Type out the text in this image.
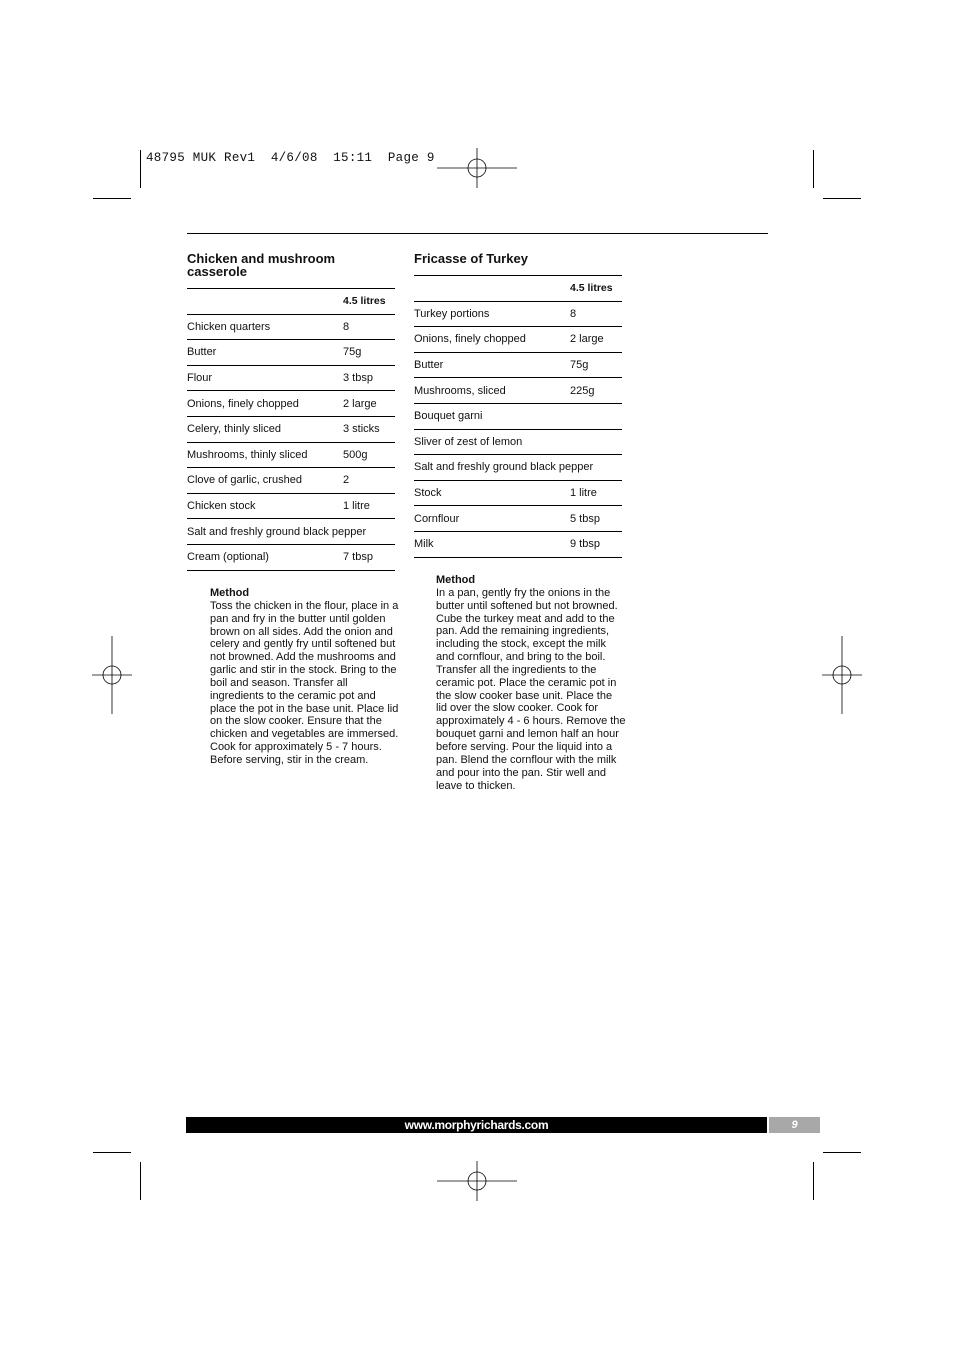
48795 MUK Rev1  4/6/08  15:11  Page 9
Chicken and mushroom casserole
	4.5 litres
Chicken quarters	8
Butter	75g
Flour	3 tbsp
Onions, finely chopped	2 large
Celery, thinly sliced	3 sticks
Mushrooms, thinly sliced	500g
Clove of garlic, crushed	2
Chicken stock	1 litre
Salt and freshly ground black pepper	
Cream (optional)	7 tbsp
Method
Toss the chicken in the flour, place in a pan and fry in the butter until golden brown on all sides. Add the onion and celery and gently fry until softened but not browned. Add the mushrooms and garlic and stir in the stock. Bring to the boil and season. Transfer all ingredients to the ceramic pot and place the pot in the base unit. Place lid on the slow cooker. Ensure that the chicken and vegetables are immersed. Cook for approximately 5 - 7 hours. Before serving, stir in the cream.
Fricasse of Turkey
	4.5 litres
Turkey portions	8
Onions, finely chopped	2 large
Butter	75g
Mushrooms, sliced	225g
Bouquet garni	
Sliver of zest of lemon	
Salt and freshly ground black pepper	
Stock	1 litre
Cornflour	5 tbsp
Milk	9 tbsp
Method
In a pan, gently fry the onions in the butter until softened but not browned. Cube the turkey meat and add to the pan. Add the remaining ingredients, including the stock, except the milk and cornflour, and bring to the boil. Transfer all the ingredients to the ceramic pot. Place the ceramic pot in the slow cooker base unit. Place the lid over the slow cooker. Cook for approximately 4 - 6 hours. Remove the bouquet garni and lemon half an hour before serving. Pour the liquid into a pan. Blend the cornflour with the milk and pour into the pan. Stir well and leave to thicken.
www.morphyrichards.com	9
